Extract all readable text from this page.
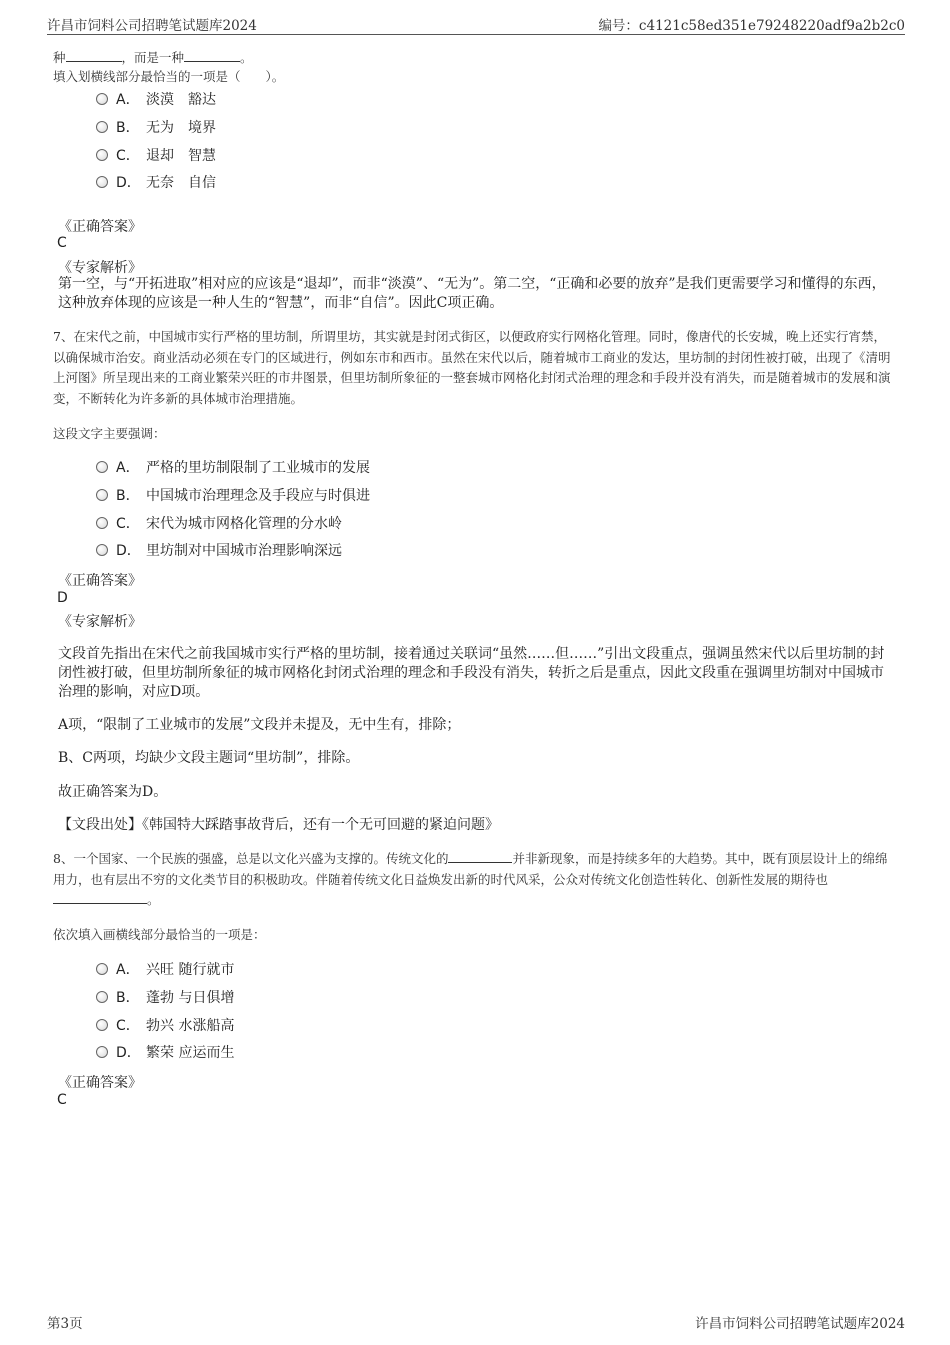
许昌市饲料公司招聘笔试题库2024	编号：c4121c58ed351e79248220adf9a2b2c0
种	，而是一种	。
填入划横线部分最恰当的一项是（　　）。
A． 淡漠 豁达
B． 无为 境界
C． 退却 智慧
D． 无奈 自信
《正确答案》
C
《专家解析》
第一空，与“开拓进取”相对应的应该是“退却”，而非“淡漠”、“无为”。第二空，“正确和必要的放弃”是我们更需要学习和懂得的东西，这种放弃体现的应该是一种人生的“智慧”，而非“自信”。因此C项正确。
7、在宋代之前，中国城市实行严格的里坊制，所谓里坊，其实就是封闭式街区，以便政府实行网格化管理。同时，像唐代的长安城，晚上还实行宵禁，以确保城市治安。商业活动必须在专门的区域进行，例如东市和西市。虽然在宋代以后，随着城市工商业的发达，里坊制的封闭性被打破，出现了《清明上河图》所呈现出来的工商业繁荣兴旺的市井图景，但里坊制所象征的一整套城市网格化封闭式治理的理念和手段并没有消失，而是随着城市的发展和演变，不断转化为许多新的具体城市治理措施。
这段文字主要强调：
A． 严格的里坊制限制了工业城市的发展
B． 中国城市治理理念及手段应与时俱进
C． 宋代为城市网格化管理的分水岭
D． 里坊制对中国城市治理影响深远
《正确答案》
D
《专家解析》
文段首先指出在宋代之前我国城市实行严格的里坊制，接着通过关联词“虽然……但……”引出文段重点，强调虽然宋代以后里坊制的封闭性被打破，但里坊制所象征的城市网格化封闭式治理的理念和手段没有消失，转折之后是重点，因此文段重在强调里坊制对中国城市治理的影响，对应D项。
A项，“限制了工业城市的发展”文段并未提及，无中生有，排除；
B、C两项，均缺少文段主题词“里坊制”，排除。
故正确答案为D。
【文段出处】《韩国特大踩踏事故背后，还有一个无可回避的紧迫问题》
8、一个国家、一个民族的强盛，总是以文化兴盛为支撑的。传统文化的	并非新现象，而是持续多年的大趋势。其中，既有顶层设计上的绵绵用力，也有层出不穷的文化类节目的积极助攻。伴随着传统文化日益焕发出新的时代风采，公众对传统文化创造性转化、创新性发展的期待也。
依次填入画横线部分最恰当的一项是：
A． 兴旺 随行就市
B． 蓬勃 与日俱增
C． 勃兴 水涨船高
D． 繁荣 应运而生
《正确答案》
C
第3页	许昌市饲料公司招聘笔试题库2024
